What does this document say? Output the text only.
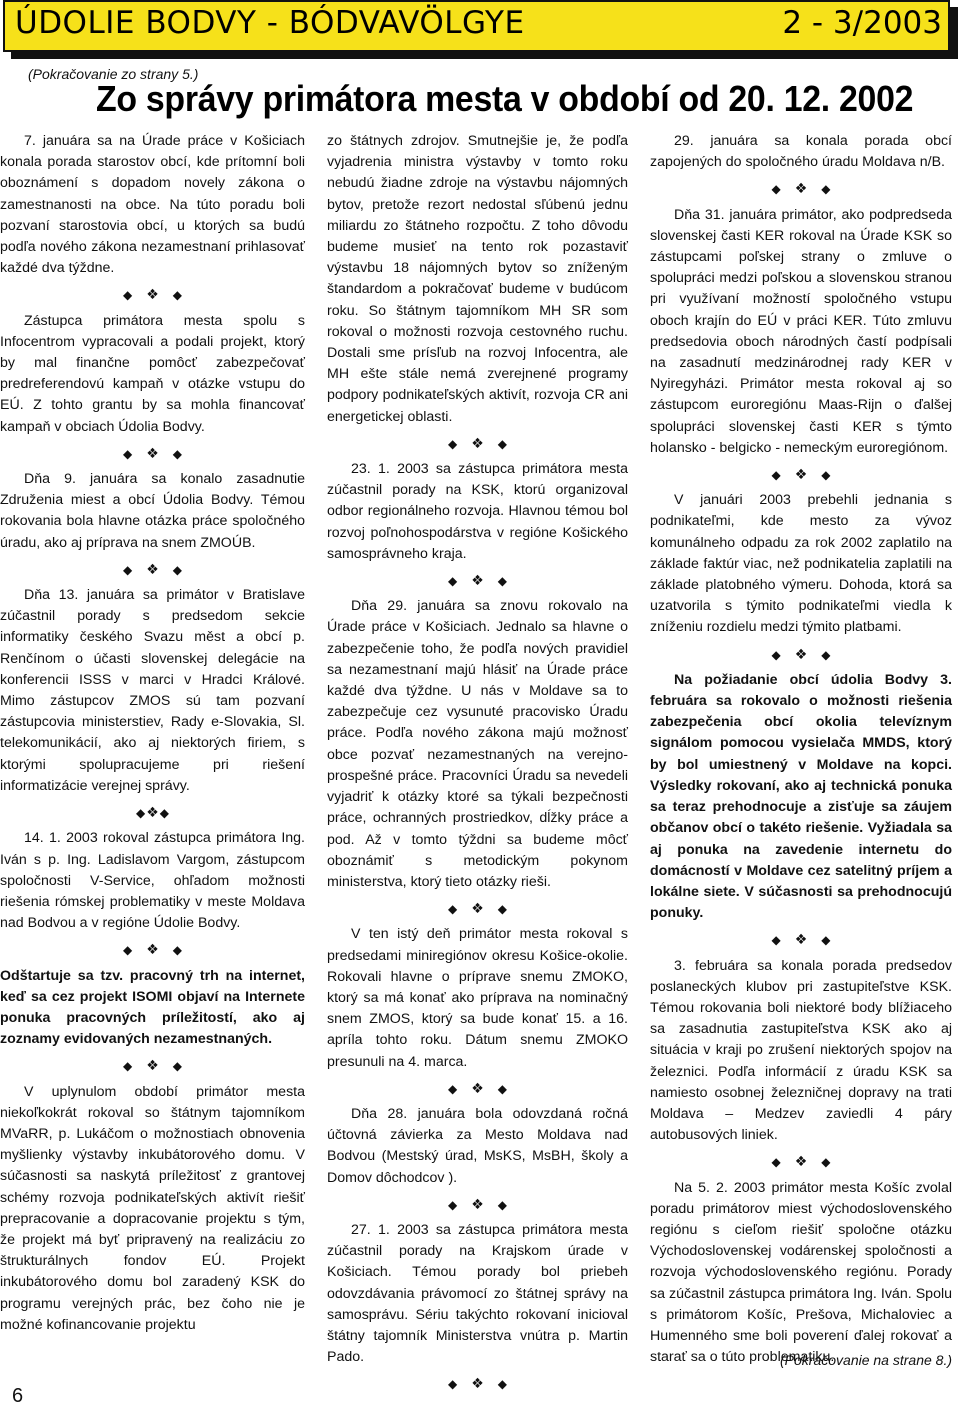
ÚDOLIE BODVY - BÓDVAVÖLGYE	2 - 3/2003
(Pokračovanie zo strany 5.)
Zo správy primátora mesta v období od 20. 12. 2002

7. januára sa na Úrade práce v Košiciach konala porada starostov obcí, kde prítomní boli oboznámení s dopadom novely zákona o zamestnanosti na obce. Na túto poradu boli pozvaní starostovia obcí, u ktorých sa budú podľa nového zákona nezamestnaní prihlasovať každé dva týždne.

◆ ❖ ◆

Zástupca primátora mesta spolu s Infocentrom vypracovali a podali projekt, ktorý by mal finančne pomôcť zabezpečovať predreferendovú kampaň v otázke vstupu do EÚ. Z tohto grantu by sa mohla financovať kampaň v obciach Údolia Bodvy.

◆ ❖ ◆

Dňa 9. januára sa konalo zasadnutie Združenia miest a obcí Údolia Bodvy. Témou rokovania bola hlavne otázka práce spoločného úradu, ako aj príprava na snem ZMOÚB.

◆ ❖ ◆

Dňa 13. januára sa primátor v Bratislave zúčastnil porady s predsedom sekcie informatiky českého Svazu měst a obcí p. Renčínom o účasti slovenskej delegácie na konferencii ISSS v marci v Hradci Králové. Mimo zástupcov ZMOS sú tam pozvaní zástupcovia ministerstiev, Rady e-Slovakia, Sl. telekomunikácií, ako aj niektorých firiem, s ktorými spolupracujeme pri riešení informatizácie verejnej správy.

◆❖◆

14. 1. 2003 rokoval zástupca primátora Ing. Iván s p. Ing. Ladislavom Vargom, zástupcom spoločnosti V-Service, ohľadom možnosti riešenia rómskej problematiky v meste Moldava nad Bodvou a v regióne Údolie Bodvy.

◆ ❖ ◆

Odštartuje sa tzv. pracovný trh na internet, keď sa cez projekt ISOMI objaví na Internete ponuka pracovných príležitostí, ako aj zoznamy evidovaných nezamestnaných.

◆ ❖ ◆

V uplynulom období primátor mesta niekoľkokrát rokoval so štátnym tajomníkom MVaRR, p. Lukáčom o možnostiach obnovenia myšlienky výstavby inkubátorového domu. V súčasnosti sa naskytá príležitosť z grantovej schémy rozvoja podnikateľských aktivít riešiť prepracovanie a dopracovanie projektu s tým, že projekt má byť pripravený na realizáciu zo štrukturálnych fondov EÚ. Projekt inkubátorového domu bol zaradený KSK do programu verejných prác, bez čoho nie je možné kofinancovanie projektu

zo štátnych zdrojov. Smutnejšie je, že podľa vyjadrenia ministra výstavby v tomto roku nebudú žiadne zdroje na výstavbu nájomných bytov, pretože rezort nedostal sľúbenú jednu miliardu zo štátneho rozpočtu. Z toho dôvodu budeme musieť na tento rok pozastaviť výstavbu 18 nájomných bytov so zníženým štandardom a pokračovať budeme v budúcom roku. So štátnym tajomníkom MH SR som rokoval o možnosti rozvoja cestovného ruchu. Dostali sme prísľub na rozvoj Infocentra, ale MH ešte stále nemá zverejnené programy podpory podnikateľských aktivít, rozvoja CR ani energetickej oblasti.

◆ ❖ ◆

23. 1. 2003 sa zástupca primátora mesta zúčastnil porady na KSK, ktorú organizoval odbor regionálneho rozvoja. Hlavnou témou bol rozvoj poľnohospodárstva v regióne Košického samosprávneho kraja.

◆ ❖ ◆

Dňa 29. januára sa znovu rokovalo na Úrade práce v Košiciach. Jednalo sa hlavne o zabezpečenie toho, že podľa nových pravidiel sa nezamestnaní majú hlásiť na Úrade práce každé dva týždne. U nás v Moldave sa to zabezpečuje cez vysunuté pracovisko Úradu práce. Podľa nového zákona majú možnosť obce pozvať nezamestnaných na verejno-prospešné práce. Pracovníci Úradu sa nevedeli vyjadriť k otázky ktoré sa týkali bezpečnosti práce, ochranných prostriedkov, dĺžky práce a pod. Až v tomto týždni sa budeme môcť oboznámiť s metodickým pokynom ministerstva, ktorý tieto otázky rieši.

◆ ❖ ◆

V ten istý deň primátor mesta rokoval s predsedami miniregiónov okresu Košice-okolie. Rokovali hlavne o príprave snemu ZMOKO, ktorý sa má konať ako príprava na nominačný snem ZMOS, ktorý sa bude konať 15. a 16. apríla tohto roku. Dátum snemu ZMOKO presunuli na 4. marca.

◆ ❖ ◆

Dňa 28. januára bola odovzdaná ročná účtovná závierka za Mesto Moldava nad Bodvou (Mestský úrad, MsKS, MsBH, školy a Domov dôchodcov ).

◆ ❖ ◆

27. 1. 2003 sa zástupca primátora mesta zúčastnil porady na Krajskom úrade v Košiciach. Témou porady bol priebeh odovzdávania právomocí zo štátnej správy na samosprávu. Sériu takýchto rokovaní inicioval štátny tajomník Ministerstva vnútra p. Martin Pado.

◆ ❖ ◆

29. januára sa konala porada obcí zapojených do spoločného úradu Moldava n/B.

◆ ❖ ◆

Dňa 31. januára primátor, ako podpredseda slovenskej časti KER rokoval na Úrade KSK so zástupcami poľskej strany o zmluve o spolupráci medzi poľskou a slovenskou stranou pri využívaní možností spoločného vstupu oboch krajín do EÚ v práci KER. Túto zmluvu predsedovia oboch národných častí podpísali na zasadnutí medzinárodnej rady KER v Nyiregyházi. Primátor mesta rokoval aj so zástupcom euroregiónu Maas-Rijn o ďalšej spolupráci slovenskej časti KER s týmto holansko - belgicko - nemeckým euroregiónom.

◆ ❖ ◆

V januári 2003 prebehli jednania s podnikateľmi, kde mesto za vývoz komunálneho odpadu za rok 2002 zaplatilo na základe faktúr viac, než podnikatelia zaplatili na základe platobného výmeru. Dohoda, ktorá sa uzatvorila s týmito podnikateľmi viedla k zníženiu rozdielu medzi týmito platbami.

◆ ❖ ◆

Na požiadanie obcí údolia Bodvy 3. februára sa rokovalo o možnosti riešenia zabezpečenia obcí okolia televíznym signálom pomocou vysielača MMDS, ktorý by bol umiestnený v Moldave na kopci. Výsledky rokovaní, ako aj technická ponuka sa teraz prehodnocuje a zisťuje sa záujem občanov obcí o takéto riešenie. Vyžiadala sa aj ponuka na zavedenie internetu do domácností v Moldave cez satelitný príjem a lokálne siete. V súčasnosti sa prehodnocujú ponuky.

◆ ❖ ◆

3. februára sa konala porada predsedov poslaneckých klubov pri zastupiteľstve KSK. Témou rokovania boli niektoré body blížiaceho sa zasadnutia zastupiteľstva KSK ako aj situácia v kraji po zrušení niektorých spojov na železnici. Podľa informácií z úradu KSK sa namiesto osobnej železničnej dopravy na trati Moldava – Medzev zaviedli 4 páry autobusových liniek.

◆ ❖ ◆

Na 5. 2. 2003 primátor mesta Košíc zvolal poradu primátorov miest východoslovenského regiónu s cieľom riešiť spoločne otázku Východoslovenskej vodárenskej spoločnosti a rozvoja východoslovenského regiónu. Porady sa zúčastnil zástupca primátora Ing. Iván. Spolu s primátorom Košíc, Prešova, Michaloviec a Humenného sme boli poverení ďalej rokovať a starať sa o túto problematiku.

(Pokračovanie na strane 8.)
6
